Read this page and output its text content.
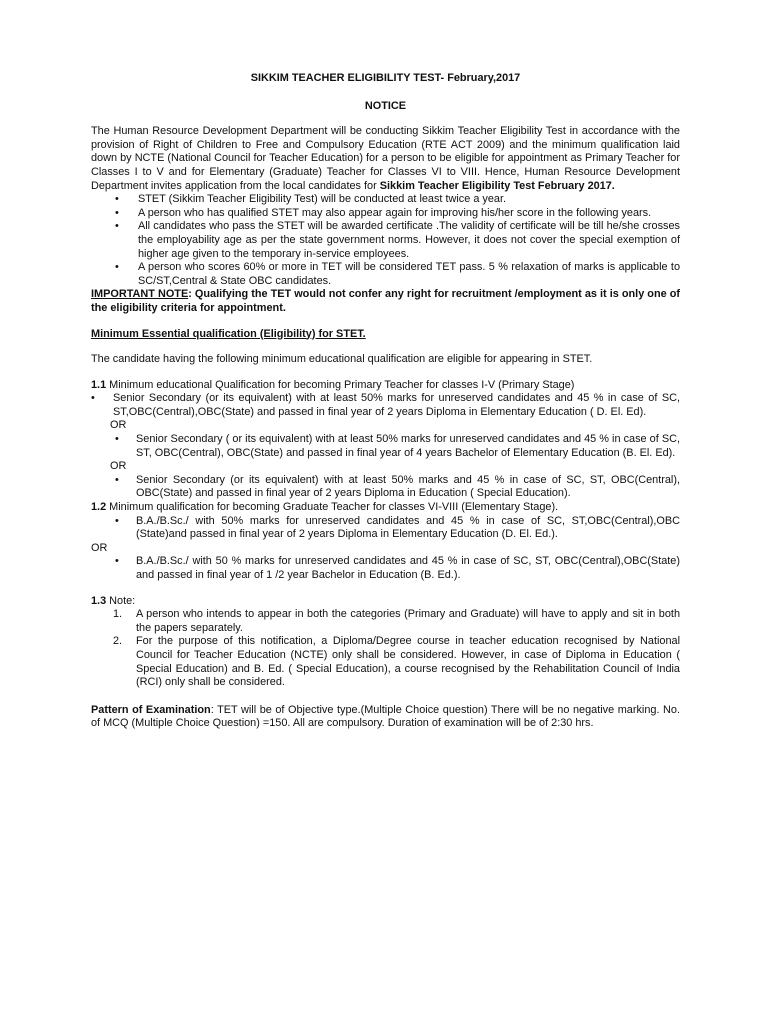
SIKKIM TEACHER ELIGIBILITY TEST- February,2017
NOTICE

The Human Resource Development Department will be conducting Sikkim Teacher Eligibility Test in accordance with the provision of Right of Children to Free and Compulsory Education (RTE ACT 2009) and the minimum qualification laid down by NCTE (National Council for Teacher Education) for a person to be eligible for appointment as Primary Teacher for Classes I to V and for Elementary (Graduate) Teacher for Classes VI to VIII. Hence, Human Resource Development Department invites application from the local candidates for Sikkim Teacher Eligibility Test February 2017.

• STET (Sikkim Teacher Eligibility Test) will be conducted at least twice a year.
• A person who has qualified STET may also appear again for improving his/her score in the following years.
• All candidates who pass the STET will be awarded certificate .The validity of certificate will be till he/she crosses the employability age as per the state government norms. However, it does not cover the special exemption of higher age given to the temporary in-service employees.
• A person who scores 60% or more in TET will be considered TET pass. 5 % relaxation of marks is applicable to SC/ST,Central & State OBC candidates.

IMPORTANT NOTE: Qualifying the TET would not confer any right for recruitment /employment as it is only one of the eligibility criteria for appointment.

Minimum Essential qualification (Eligibility) for STET.

The candidate having the following minimum educational qualification are eligible for appearing in STET.

1.1 Minimum educational Qualification for becoming Primary Teacher for classes I-V (Primary Stage)

• Senior Secondary (or its equivalent) with at least 50% marks for unreserved candidates and 45 % in case of SC, ST,OBC(Central),OBC(State) and passed in final year of 2 years Diploma in Elementary Education ( D. El. Ed).
OR
• Senior Secondary ( or its equivalent) with at least 50% marks for unreserved candidates and 45 % in case of SC, ST, OBC(Central), OBC(State) and passed in final year of 4 years Bachelor of Elementary Education (B. El. Ed).
OR
• Senior Secondary (or its equivalent) with at least 50% marks and 45 % in case of SC, ST, OBC(Central), OBC(State) and passed in final year of 2 years Diploma in Education ( Special Education).

1.2 Minimum qualification for becoming Graduate Teacher for classes VI-VIII (Elementary Stage).

• B.A./B.Sc./ with 50% marks for unreserved candidates and 45 % in case of SC, ST,OBC(Central),OBC (State)and passed in final year of 2 years Diploma in Elementary Education (D. El. Ed.).
OR
• B.A./B.Sc./ with 50 % marks for unreserved candidates and 45 % in case of SC, ST, OBC(Central),OBC(State) and passed in final year of 1 /2 year Bachelor in Education (B. Ed.).

1.3 Note:

1. A person who intends to appear in both the categories (Primary and Graduate) will have to apply and sit in both the papers separately.
2. For the purpose of this notification, a Diploma/Degree course in teacher education recognised by National Council for Teacher Education (NCTE) only shall be considered. However, in case of Diploma in Education ( Special Education) and B. Ed. ( Special Education), a course recognised by the Rehabilitation Council of India (RCI) only shall be considered.

Pattern of Examination: TET will be of Objective type.(Multiple Choice question) There will be no negative marking. No. of MCQ (Multiple Choice Question) =150. All are compulsory. Duration of examination will be of 2:30 hrs.
